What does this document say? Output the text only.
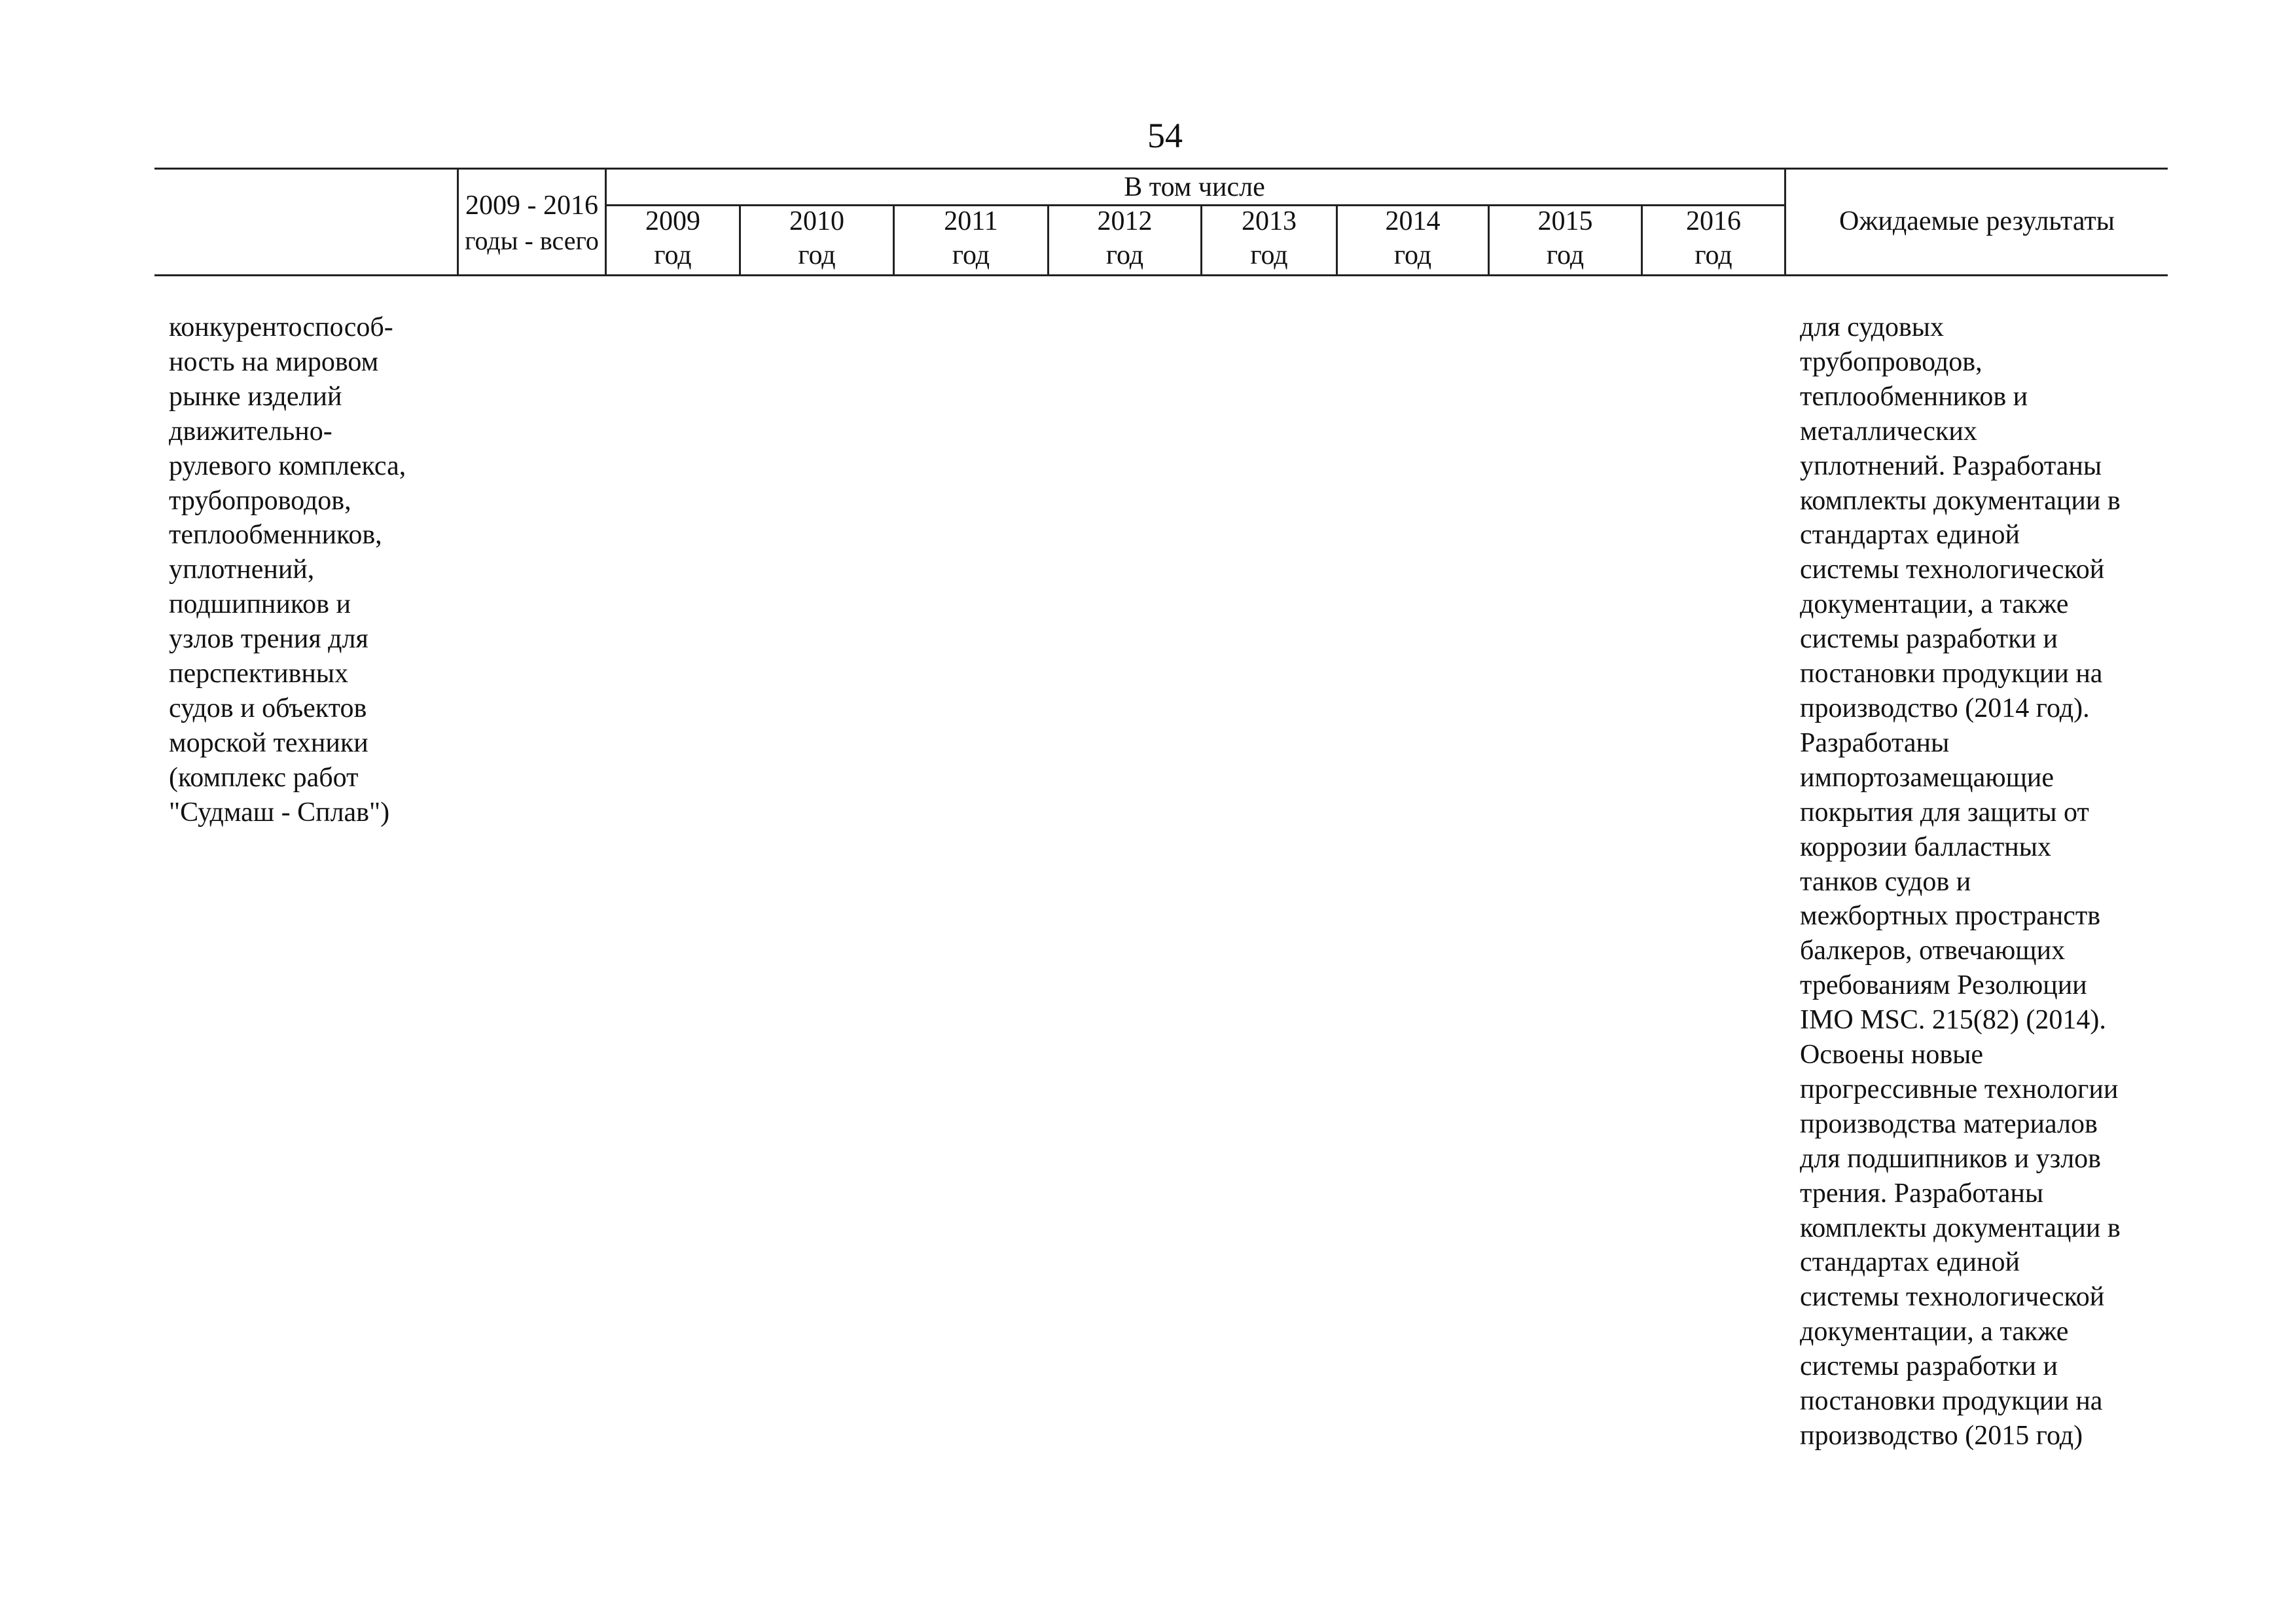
54
2009 - 2016
годы - всего
В том числе
2009
год
2010
год
2011
год
2012
год
2013
год
2014
год
2015
год
2016
год
Ожидаемые результаты
конкурентоспособ-
ность на мировом
рынке изделий
движительно-
рулевого комплекса,
трубопроводов,
теплообменников,
уплотнений,
подшипников и
узлов трения для
перспективных
судов и объектов
морской техники
(комплекс работ
"Судмаш - Сплав")
для судовых
трубопроводов,
теплообменников и
металлических
уплотнений. Разработаны
комплекты документации в
стандартах единой
системы технологической
документации, а также
системы разработки и
постановки продукции на
производство (2014 год).
Разработаны
импортозамещающие
покрытия для защиты от
коррозии балластных
танков судов и
межбортных пространств
балкеров, отвечающих
требованиям Резолюции
IMO MSC. 215(82) (2014).
Освоены новые
прогрессивные технологии
производства материалов
для подшипников и узлов
трения. Разработаны
комплекты документации в
стандартах единой
системы технологической
документации, а также
системы разработки и
постановки продукции на
производство (2015 год)
